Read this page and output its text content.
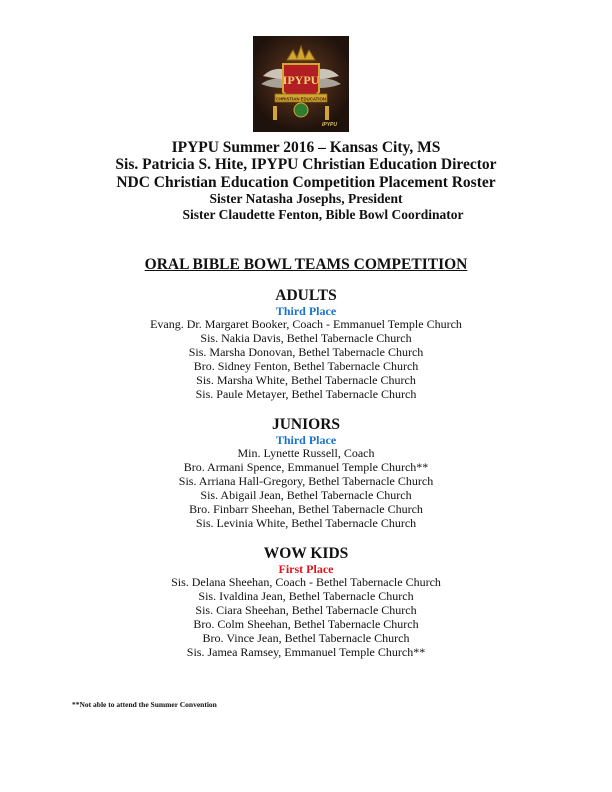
IPYPU
CHRISTIAN EDUCATION
IPYPU
IPYPU Summer 2016 – Kansas City, MS
Sis. Patricia S. Hite, IPYPU Christian Education Director
NDC Christian Education Competition Placement Roster
Sister Natasha Josephs, President
Sister Claudette Fenton, Bible Bowl Coordinator
ORAL BIBLE BOWL TEAMS COMPETITION
ADULTS
Third Place
Evang. Dr. Margaret Booker, Coach - Emmanuel Temple Church
Sis. Nakia Davis, Bethel Tabernacle Church
Sis. Marsha Donovan, Bethel Tabernacle Church
Bro. Sidney Fenton, Bethel Tabernacle Church
Sis. Marsha White, Bethel Tabernacle Church
Sis. Paule Metayer, Bethel Tabernacle Church
JUNIORS
Third Place
Min. Lynette Russell, Coach
Bro. Armani Spence, Emmanuel Temple Church**
Sis. Arriana Hall-Gregory, Bethel Tabernacle Church
Sis. Abigail Jean, Bethel Tabernacle Church
Bro. Finbarr Sheehan, Bethel Tabernacle Church
Sis. Levinia White, Bethel Tabernacle Church
WOW KIDS
First Place
Sis. Delana Sheehan, Coach - Bethel Tabernacle Church
Sis. Ivaldina Jean, Bethel Tabernacle Church
Sis. Ciara Sheehan, Bethel Tabernacle Church
Bro. Colm Sheehan, Bethel Tabernacle Church
Bro. Vince Jean, Bethel Tabernacle Church
Sis. Jamea Ramsey, Emmanuel Temple Church**
**Not able to attend the Summer Convention
